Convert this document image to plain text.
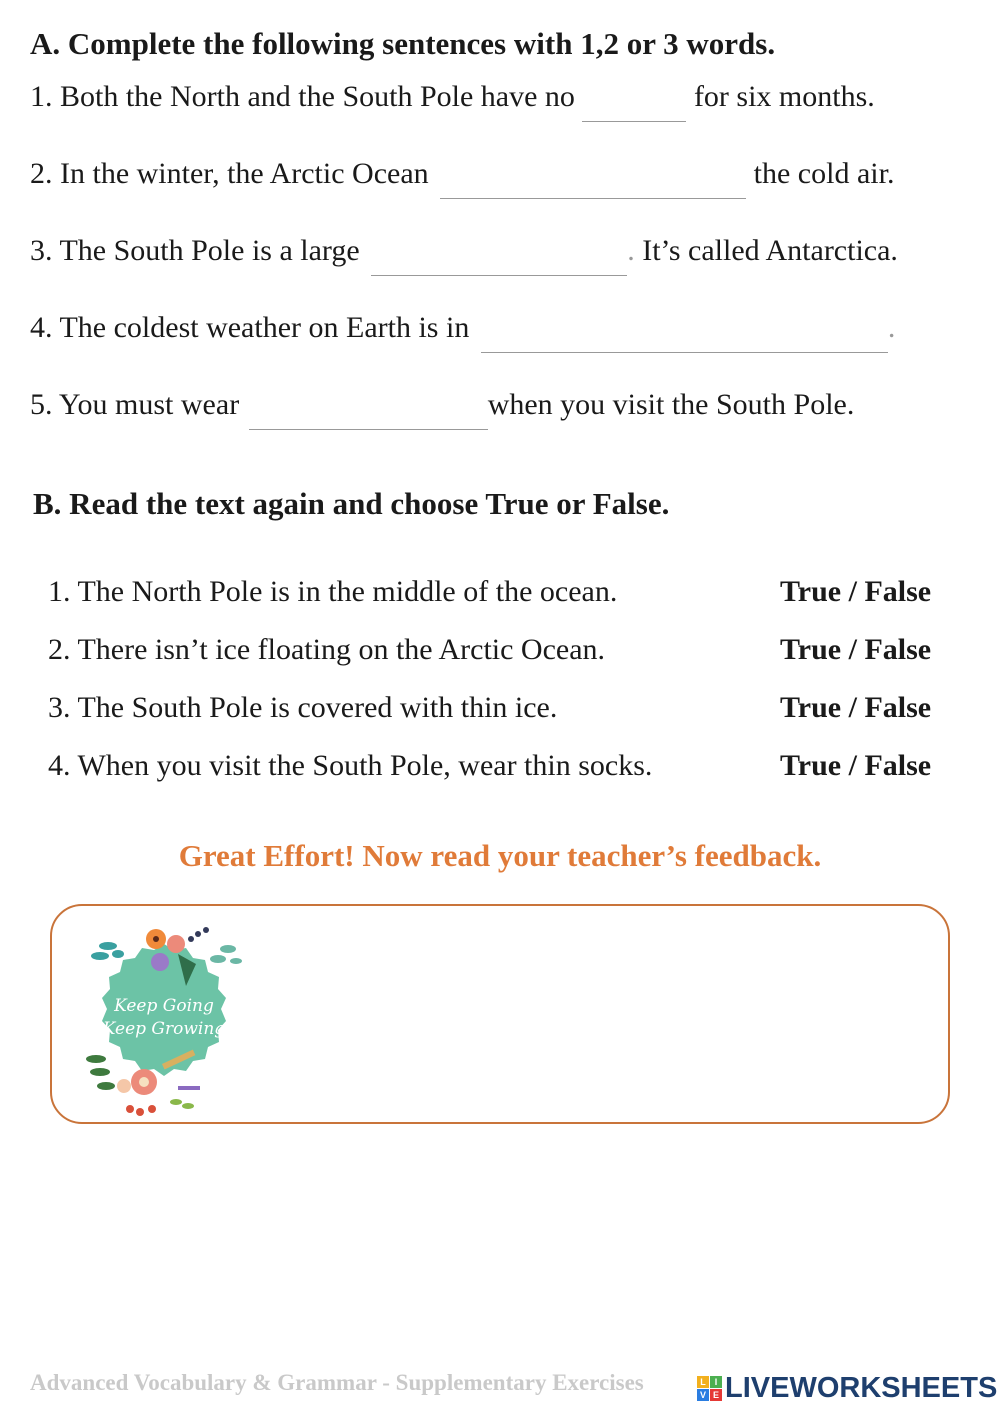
A. Complete the following sentences with 1,2 or 3 words.
1. Both the North and the South Pole have no	for six months.
2. In the winter, the Arctic Ocean	the cold air.
3. The South Pole is a large	. It’s called Antarctica.
4. The coldest weather on Earth is in	.
5. You must wear	when you visit the South Pole.
B. Read the text again and choose True or False.
1. The North Pole is in the middle of the ocean.	True / False
2. There isn’t ice floating on the Arctic Ocean.	True / False
3. The South Pole is covered with thin ice.	True / False
4. When you visit the South Pole, wear thin socks.	True / False
Great Effort! Now read your teacher’s feedback.
Keep Going
Keep Growing
Advanced Vocabulary & Grammar - Supplementary Exercises	L I
V E LIVEWORKSHEETS
